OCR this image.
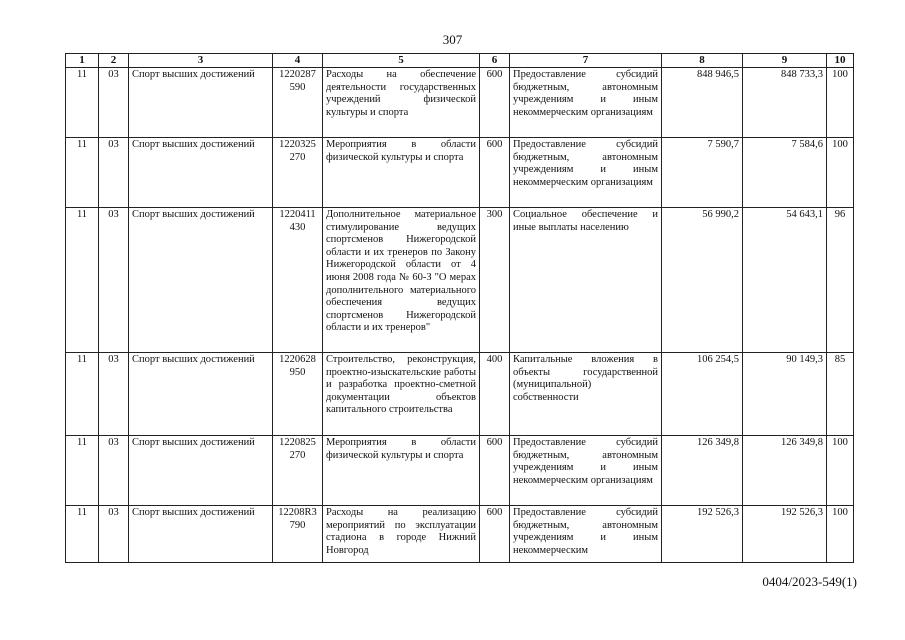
307
1	2	3	4	5	6	7	8	9	10
11	03	Спорт высших достижений	1220287 590	Расходы на обеспечение деятельности государственных учреждений физической культуры и спорта	600	Предоставление субсидий бюджетным, автономным учреждениям и иным некоммерческим организациям	848 946,5	848 733,3	100
11	03	Спорт высших достижений	1220325 270	Мероприятия в области физической культуры и спорта	600	Предоставление субсидий бюджетным, автономным учреждениям и иным некоммерческим организациям	7 590,7	7 584,6	100
11	03	Спорт высших достижений	1220411 430	Дополнительное материальное стимулирование ведущих спортсменов Нижегородской области и их тренеров по Закону Нижегородской области от 4 июня 2008 года № 60-З "О мерах дополнительного материального обеспечения ведущих спортсменов Нижегородской области и их тренеров"	300	Социальное обеспечение и иные выплаты населению	56 990,2	54 643,1	96
11	03	Спорт высших достижений	1220628 950	Строительство, реконструкция, проектно-изыскательские работы и разработка проектно-сметной документации объектов капитального строительства	400	Капитальные вложения в объекты государственной (муниципальной) собственности	106 254,5	90 149,3	85
11	03	Спорт высших достижений	1220825 270	Мероприятия в области физической культуры и спорта	600	Предоставление субсидий бюджетным, автономным учреждениям и иным некоммерческим организациям	126 349,8	126 349,8	100
11	03	Спорт высших достижений	12208R3 790	Расходы на реализацию мероприятий по эксплуатации стадиона в городе Нижний Новгород	600	Предоставление субсидий бюджетным, автономным учреждениям и иным некоммерческим	192 526,3	192 526,3	100
0404/2023-549(1)
